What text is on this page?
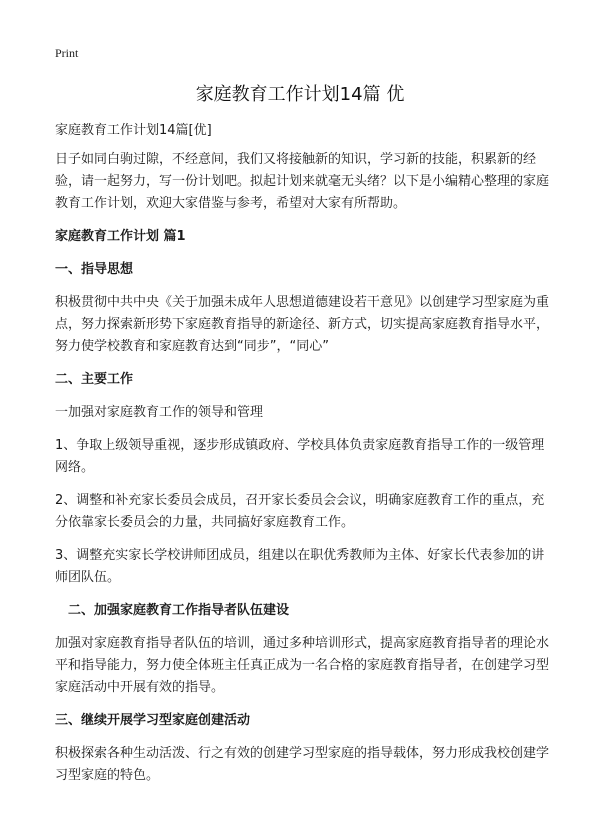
Print
家庭教育工作计划14篇 优

家庭教育工作计划14篇[优]

日子如同白驹过隙，不经意间，我们又将接触新的知识，学习新的技能，积累新的经验，请一起努力，写一份计划吧。拟起计划来就毫无头绪？以下是小编精心整理的家庭教育工作计划，欢迎大家借鉴与参考，希望对大家有所帮助。

家庭教育工作计划 篇1

一、指导思想

积极贯彻中共中央《关于加强未成年人思想道德建设若干意见》以创建学习型家庭为重点，努力探索新形势下家庭教育指导的新途径、新方式，切实提高家庭教育指导水平，努力使学校教育和家庭教育达到“同步”，“同心”

二、主要工作

一加强对家庭教育工作的领导和管理

1、争取上级领导重视，逐步形成镇政府、学校具体负责家庭教育指导工作的一级管理网络。

2、调整和补充家长委员会成员，召开家长委员会会议，明确家庭教育工作的重点，充分依靠家长委员会的力量，共同搞好家庭教育工作。

3、调整充实家长学校讲师团成员，组建以在职优秀教师为主体、好家长代表参加的讲师团队伍。

二、加强家庭教育工作指导者队伍建设

加强对家庭教育指导者队伍的培训，通过多种培训形式，提高家庭教育指导者的理论水平和指导能力，努力使全体班主任真正成为一名合格的家庭教育指导者，在创建学习型家庭活动中开展有效的指导。

三、继续开展学习型家庭创建活动

积极探索各种生动活泼、行之有效的创建学习型家庭的指导载体，努力形成我校创建学习型家庭的特色。
